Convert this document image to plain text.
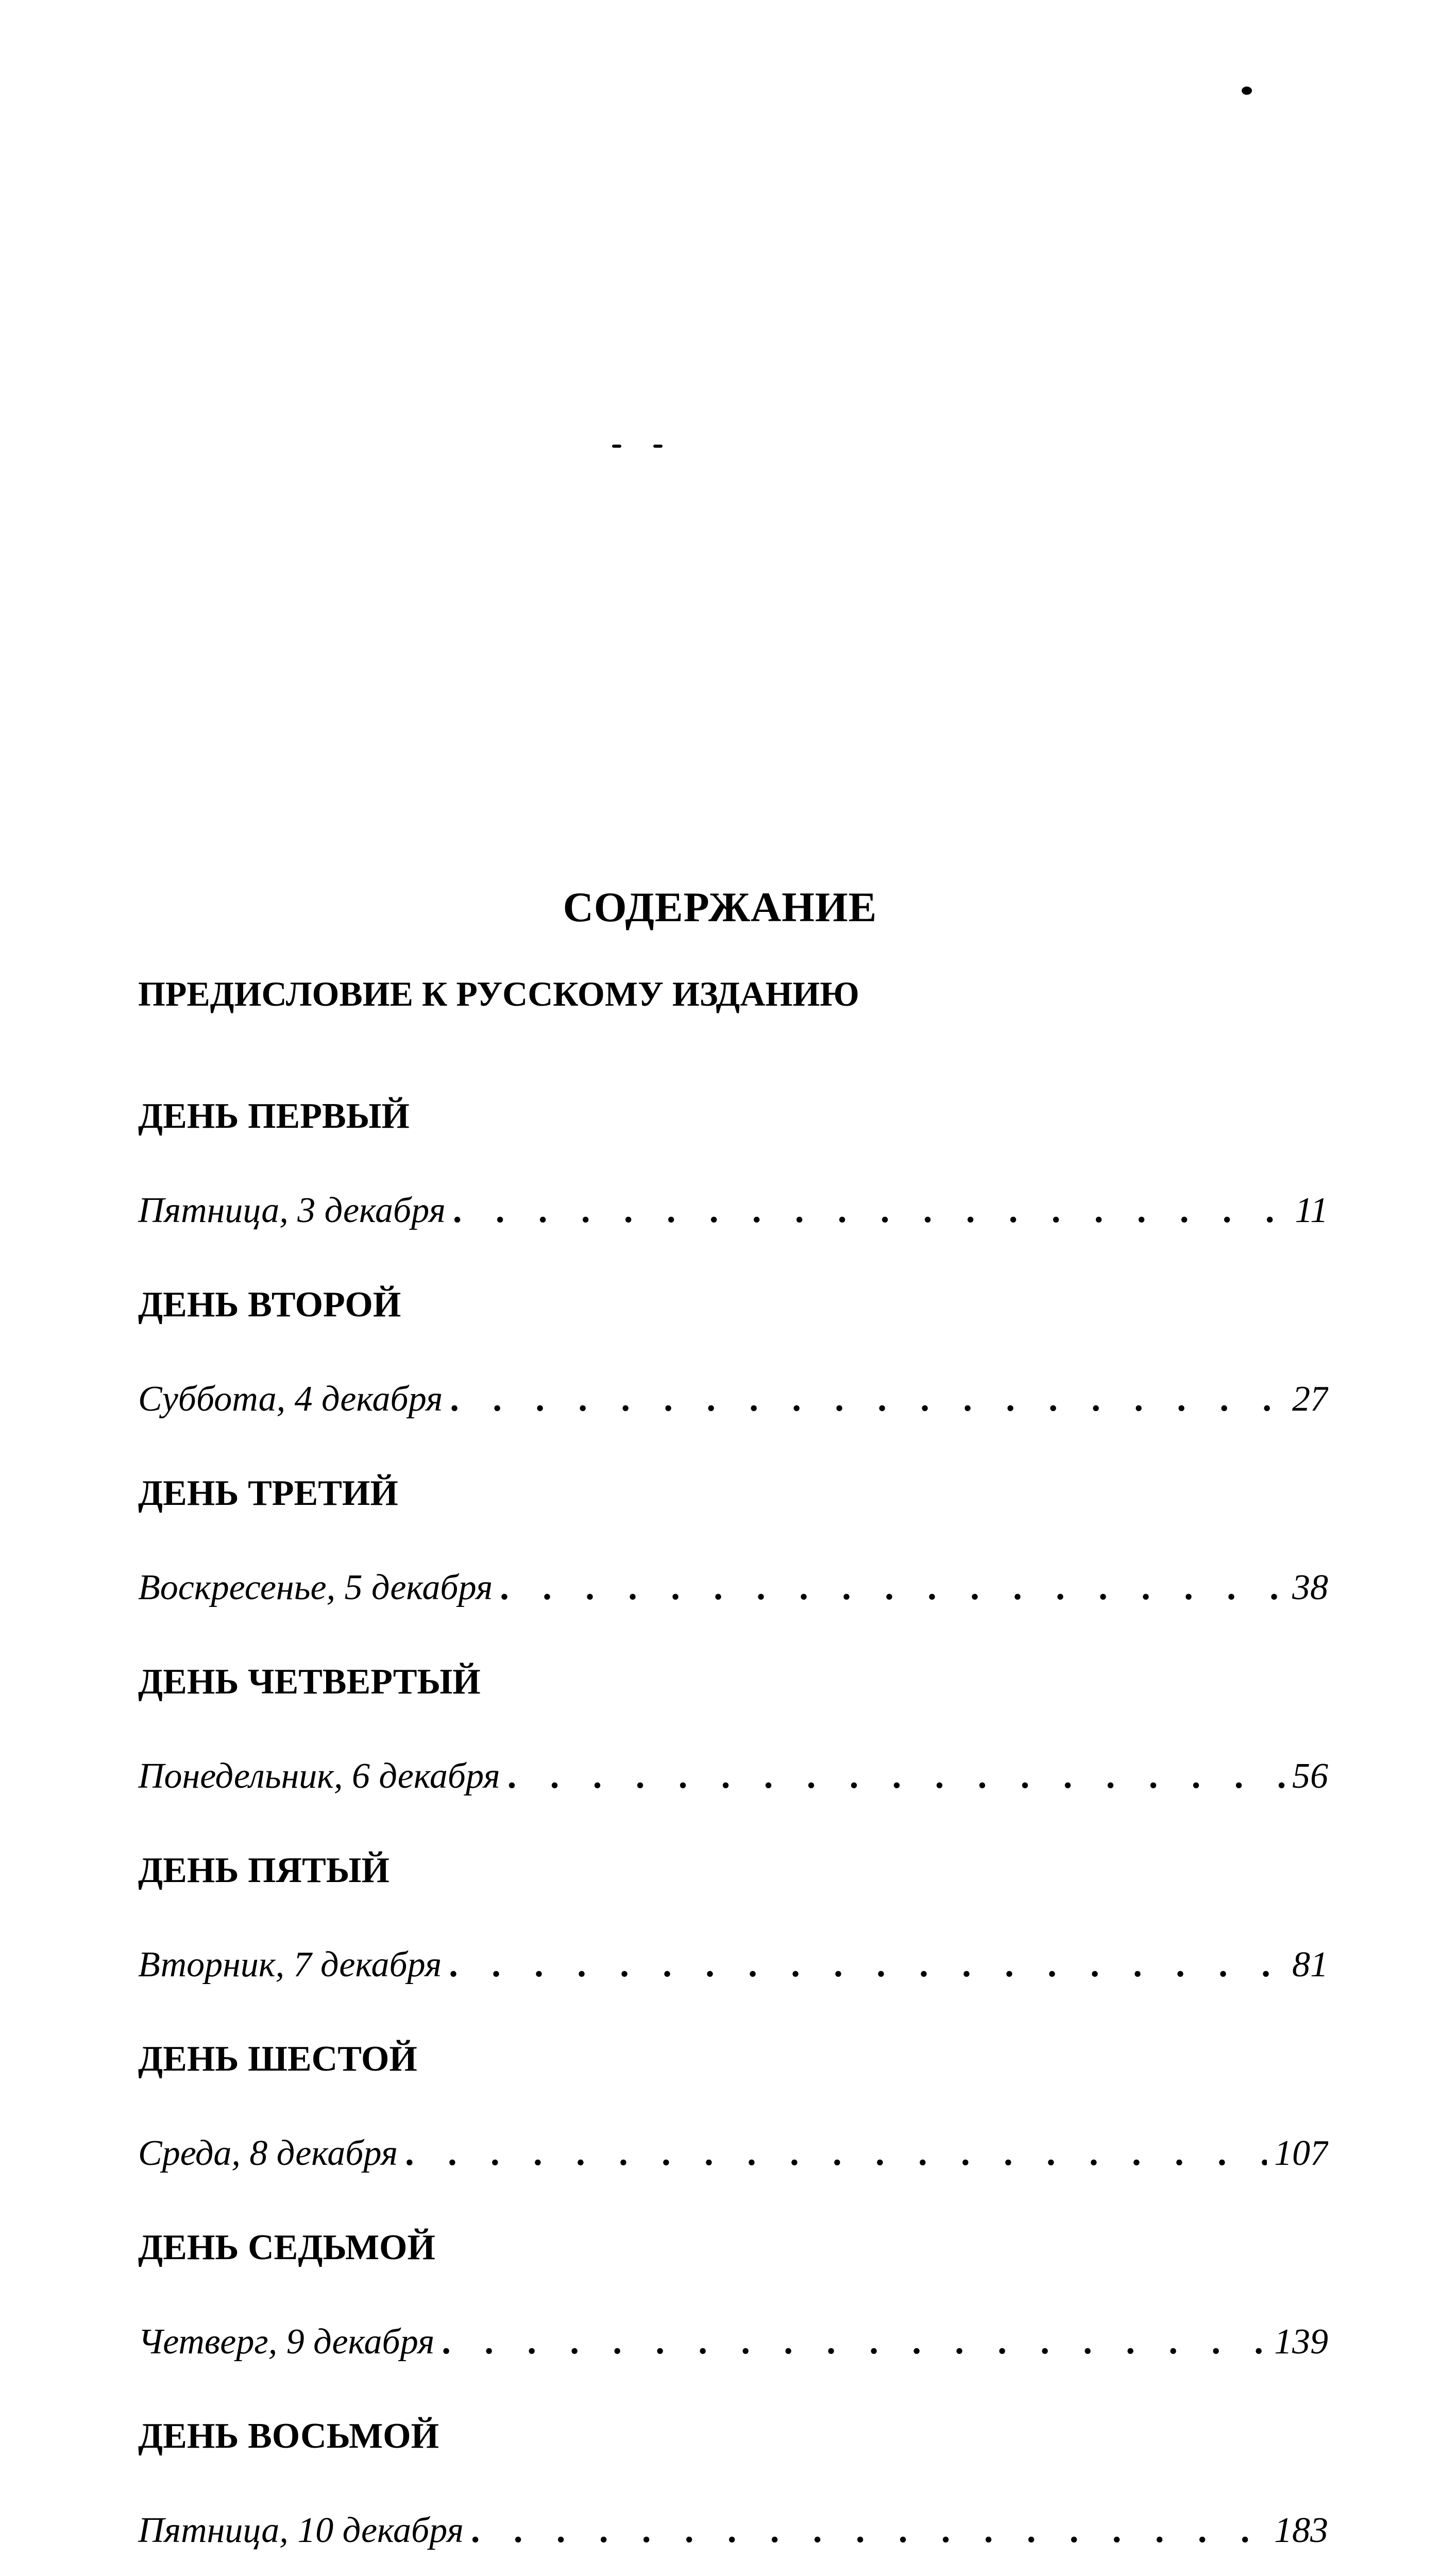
СОДЕРЖАНИЕ
ПРЕДИСЛОВИЕ К РУССКОМУ ИЗДАНИЮ
ДЕНЬ ПЕРВЫЙ
Пятница, 3 декабря . . .	11
ДЕНЬ ВТОРОЙ
Суббота, 4 декабря . . .	27
ДЕНЬ ТРЕТИЙ
Воскресенье, 5 декабря . . .	38
ДЕНЬ ЧЕТВЕРТЫЙ
Понедельник, 6 декабря . . .	56
ДЕНЬ ПЯТЫЙ
Вторник, 7 декабря . . .	81
ДЕНЬ ШЕСТОЙ
Среда, 8 декабря . . .	107
ДЕНЬ СЕДЬМОЙ
Четверг, 9 декабря . . .	139
ДЕНЬ ВОСЬМОЙ
Пятница, 10 декабря . . .	183
